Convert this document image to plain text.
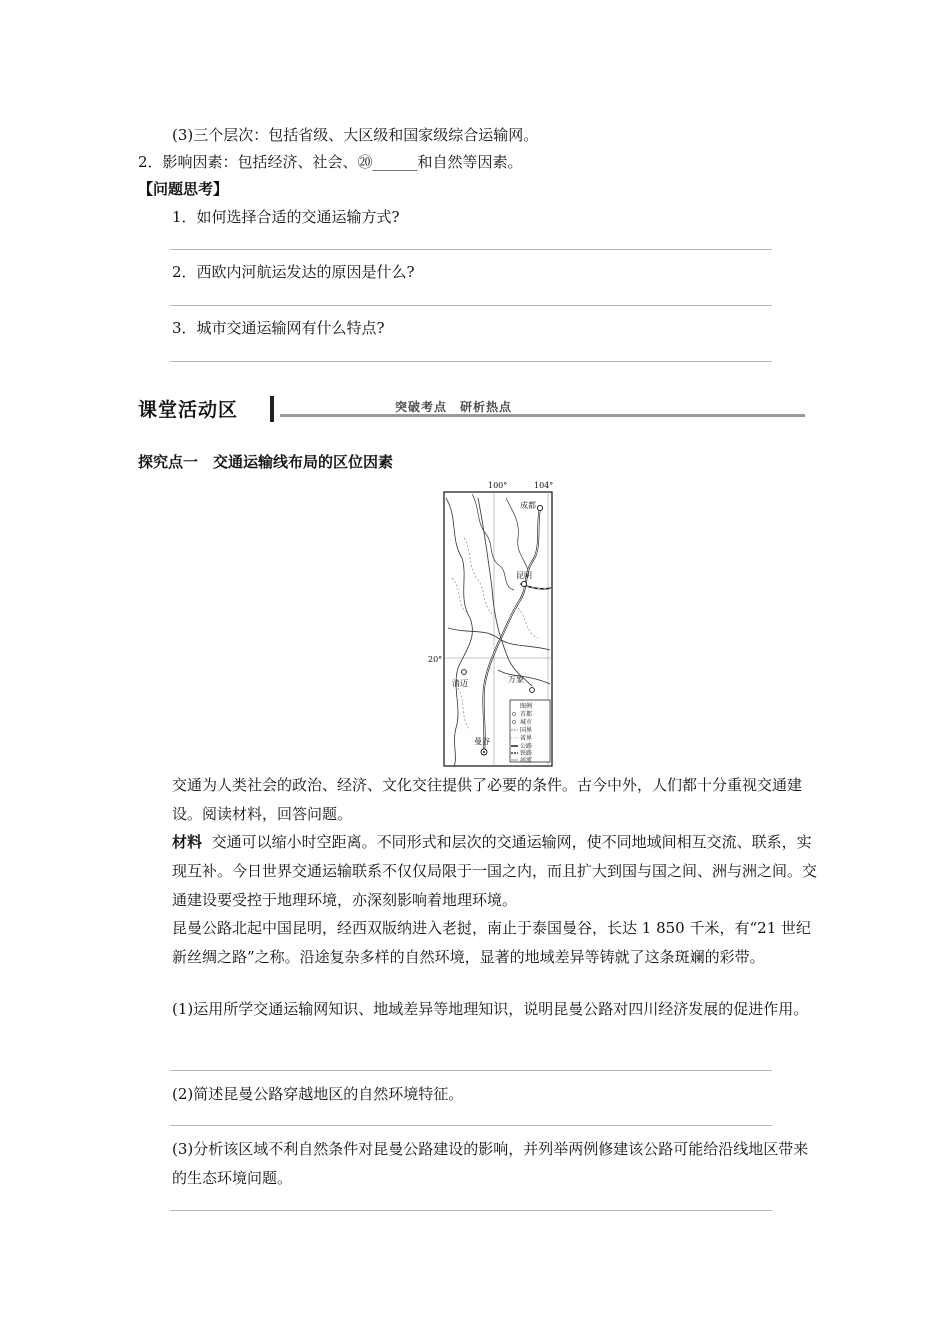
(3)三个层次：包括省级、大区级和国家级综合运输网。
2．影响因素：包括经济、社会、⑳______和自然等因素。
【问题思考】
1．如何选择合适的交通运输方式?
2．西欧内河航运发达的原因是什么?
3．城市交通运输网有什么特点?
课堂活动区	突破考点　研析热点
探究点一　交通运输线布局的区位因素
100°	104°
20°
成都
昆明
清迈	万象
曼谷
图例
首都
城市
国界
省界
公路
铁路
河流
交通为人类社会的政治、经济、文化交往提供了必要的条件。古今中外，人们都十分重视交通建设。阅读材料，回答问题。
材料 交通可以缩小时空距离。不同形式和层次的交通运输网，使不同地域间相互交流、联系，实现互补。今日世界交通运输联系不仅仅局限于一国之内，而且扩大到国与国之间、洲与洲之间。交通建设要受控于地理环境，亦深刻影响着地理环境。
昆曼公路北起中国昆明，经西双版纳进入老挝，南止于泰国曼谷，长达 1 850 千米，有“21 世纪新丝绸之路”之称。沿途复杂多样的自然环境，显著的地域差异等铸就了这条斑斓的彩带。
(1)运用所学交通运输网知识、地域差异等地理知识，说明昆曼公路对四川经济发展的促进作用。
(2)简述昆曼公路穿越地区的自然环境特征。
(3)分析该区域不利自然条件对昆曼公路建设的影响，并列举两例修建该公路可能给沿线地区带来的生态环境问题。
